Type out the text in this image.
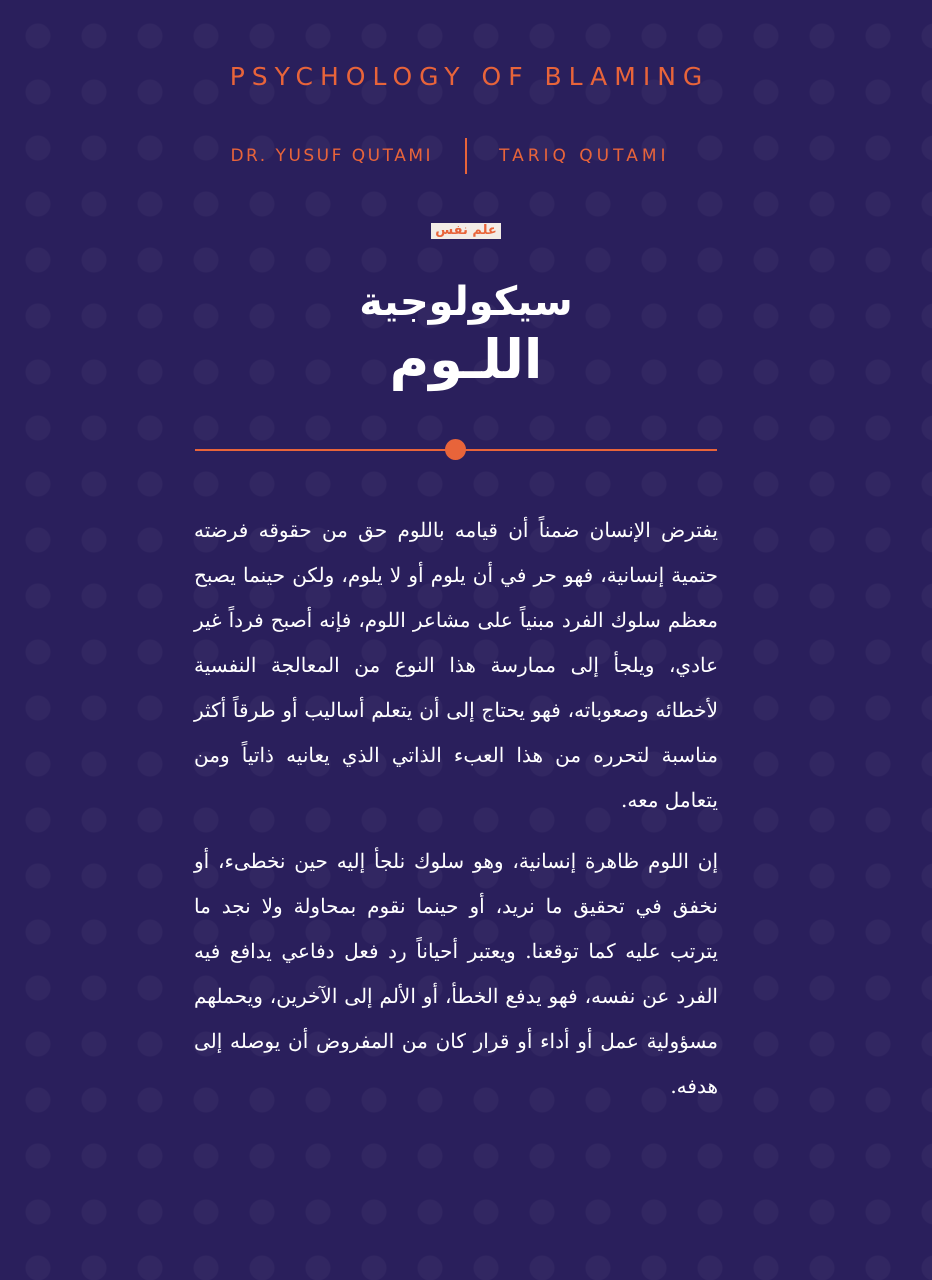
PSYCHOLOGY OF BLAMING
DR. YUSUF QUTAMI	TARIQ QUTAMI
علم نفس
سيكولوجية
اللـوم

يفترض الإنسان ضمناً أن قيامه باللوم حق من حقوقه فرضته حتمية إنسانية، فهو حر في أن يلوم أو لا يلوم، ولكن حينما يصبح معظم سلوك الفرد مبنياً على مشاعر اللوم، فإنه أصبح فرداً غير عادي، ويلجأ إلى ممارسة هذا النوع من المعالجة النفسية لأخطائه وصعوباته، فهو يحتاج إلى أن يتعلم أساليب أو طرقاً أكثر مناسبة لتحرره من هذا العبء الذاتي الذي يعانيه ذاتياً ومن يتعامل معه.

إن اللوم ظاهرة إنسانية، وهو سلوك نلجأ إليه حين نخطىء، أو نخفق في تحقيق ما نريد، أو حينما نقوم بمحاولة ولا نجد ما يترتب عليه كما توقعنا. ويعتبر أحياناً رد فعل دفاعي يدافع فيه الفرد عن نفسه، فهو يدفع الخطأ، أو الألم إلى الآخرين، ويحملهم مسؤولية عمل أو أداء أو قرار كان من المفروض أن يوصله إلى هدفه.
